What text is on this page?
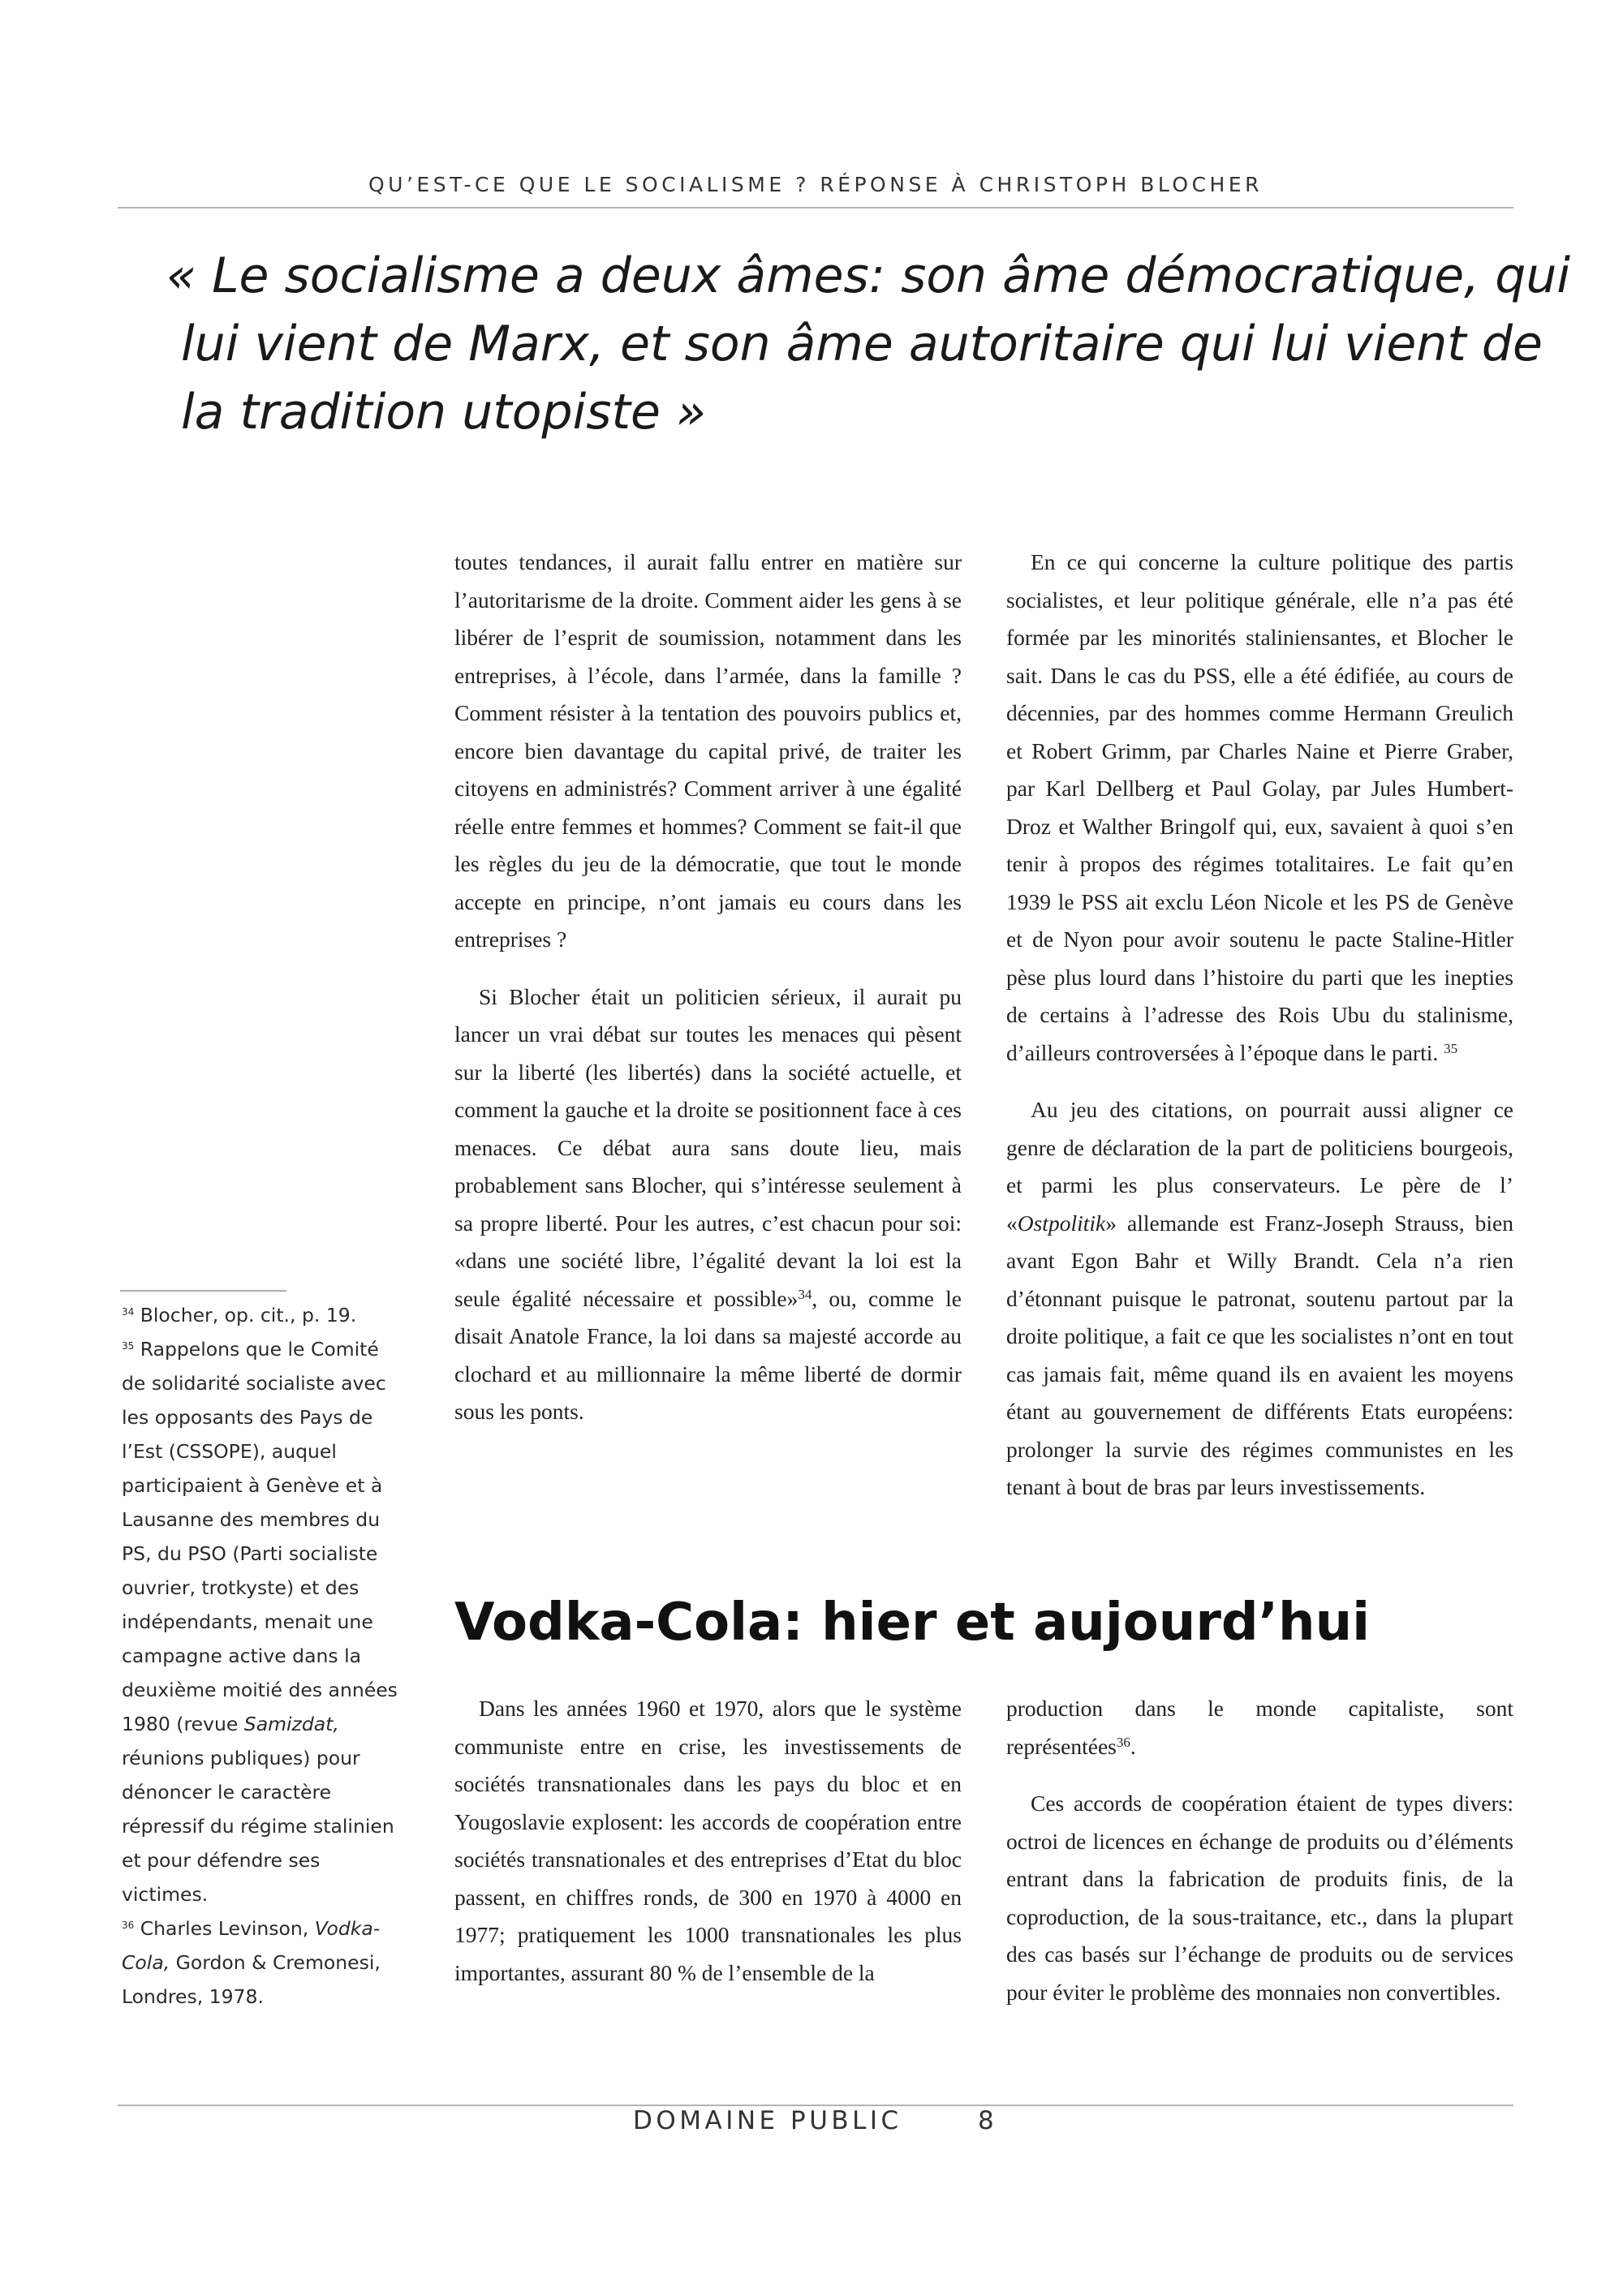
QU’EST-CE QUE LE SOCIALISME ? RÉPONSE À CHRISTOPH BLOCHER
« Le socialisme a deux âmes: son âme démocratique, qui
lui vient de Marx, et son âme autoritaire qui lui vient de
la tradition utopiste »

toutes tendances, il aurait fallu entrer en matière sur l’autoritarisme de la droite. Comment aider les gens à se libérer de l’esprit de soumission, notamment dans les entreprises, à l’école, dans l’armée, dans la famille ? Comment résister à la tentation des pouvoirs publics et, encore bien davantage du capital privé, de traiter les citoyens en administrés? Comment arriver à une égalité réelle entre femmes et hommes? Comment se fait-il que les règles du jeu de la démocratie, que tout le monde accepte en principe, n’ont jamais eu cours dans les entreprises ?

Si Blocher était un politicien sérieux, il aurait pu lancer un vrai débat sur toutes les menaces qui pèsent sur la liberté (les libertés) dans la société actuelle, et comment la gauche et la droite se positionnent face à ces menaces. Ce débat aura sans doute lieu, mais probablement sans Blocher, qui s’intéresse seulement à sa propre liberté. Pour les autres, c’est chacun pour soi: «dans une société libre, l’égalité devant la loi est la seule égalité nécessaire et possible»$^{34}$, ou, comme le disait Anatole France, la loi dans sa majesté accorde au clochard et au millionnaire la même liberté de dormir sous les ponts.

En ce qui concerne la culture politique des partis socialistes, et leur politique générale, elle n’a pas été formée par les minorités staliniensantes, et Blocher le sait. Dans le cas du PSS, elle a été édifiée, au cours de décennies, par des hommes comme Hermann Greulich et Robert Grimm, par Charles Naine et Pierre Graber, par Karl Dellberg et Paul Golay, par Jules Humbert-Droz et Walther Bringolf qui, eux, savaient à quoi s’en tenir à propos des régimes totalitaires. Le fait qu’en 1939 le PSS ait exclu Léon Nicole et les PS de Genève et de Nyon pour avoir soutenu le pacte Staline-Hitler pèse plus lourd dans l’histoire du parti que les inepties de certains à l’adresse des Rois Ubu du stalinisme, d’ailleurs controversées à l’époque dans le parti. $^{35}$

Au jeu des citations, on pourrait aussi aligner ce genre de déclaration de la part de politiciens bourgeois, et parmi les plus conservateurs. Le père de l’ «Ostpolitik» allemande est Franz-Joseph Strauss, bien avant Egon Bahr et Willy Brandt. Cela n’a rien d’étonnant puisque le patronat, soutenu partout par la droite politique, a fait ce que les socialistes n’ont en tout cas jamais fait, même quand ils en avaient les moyens étant au gouvernement de différents Etats européens: prolonger la survie des régimes communistes en les tenant à bout de bras par leurs investissements.

Vodka-Cola: hier et aujourd’hui

Dans les années 1960 et 1970, alors que le système communiste entre en crise, les investissements de sociétés transnationales dans les pays du bloc et en Yougoslavie explosent: les accords de coopération entre sociétés transnationales et des entreprises d’Etat du bloc passent, en chiffres ronds, de 300 en 1970 à 4000 en 1977; pratiquement les 1000 transnationales les plus importantes, assurant 80 % de l’ensemble de la

production dans le monde capitaliste, sont représentées$^{36}$.

Ces accords de coopération étaient de types divers: octroi de licences en échange de produits ou d’éléments entrant dans la fabrication de produits finis, de la coproduction, de la sous-traitance, etc., dans la plupart des cas basés sur l’échange de produits ou de services pour éviter le problème des monnaies non convertibles.

$^{34}$ Blocher, op. cit., p. 19.

$^{35}$ Rappelons que le Comité de solidarité socialiste avec les opposants des Pays de l’Est (CSSOPE), auquel participaient à Genève et à Lausanne des membres du PS, du PSO (Parti socialiste ouvrier, trotkyste) et des indépendants, menait une campagne active dans la deuxième moitié des années 1980 (revue Samizdat, réunions publiques) pour dénoncer le caractère répressif du régime stalinien et pour défendre ses victimes.

$^{36}$ Charles Levinson, Vodka-Cola, Gordon & Cremonesi, Londres, 1978.

DOMAINE PUBLIC	8
